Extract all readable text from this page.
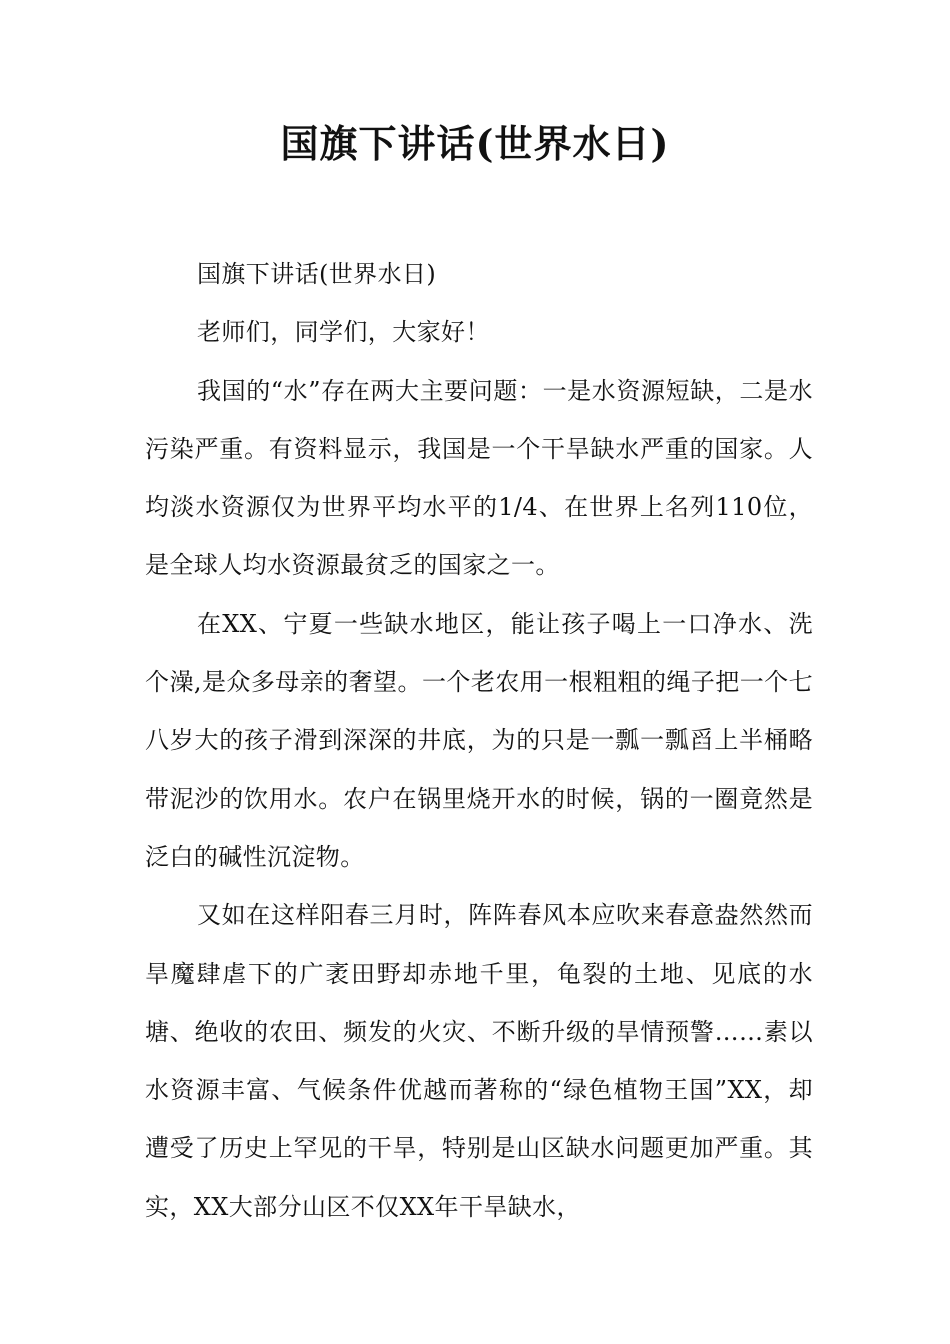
国旗下讲话(世界水日)

国旗下讲话(世界水日)

老师们，同学们，大家好！

我国的“水”存在两大主要问题：一是水资源短缺，二是水污染严重。有资料显示，我国是一个干旱缺水严重的国家。人均淡水资源仅为世界平均水平的1/4、在世界上名列110位，是全球人均水资源最贫乏的国家之一。

在XX、宁夏一些缺水地区，能让孩子喝上一口净水、洗个澡,是众多母亲的奢望。一个老农用一根粗粗的绳子把一个七八岁大的孩子滑到深深的井底，为的只是一瓢一瓢舀上半桶略带泥沙的饮用水。农户在锅里烧开水的时候，锅的一圈竟然是泛白的碱性沉淀物。

又如在这样阳春三月时，阵阵春风本应吹来春意盎然然而旱魔肆虐下的广袤田野却赤地千里，龟裂的土地、见底的水塘、绝收的农田、频发的火灾、不断升级的旱情预警……素以水资源丰富、气候条件优越而著称的“绿色植物王国”XX，却遭受了历史上罕见的干旱，特别是山区缺水问题更加严重。其实，XX大部分山区不仅XX年干旱缺水，
